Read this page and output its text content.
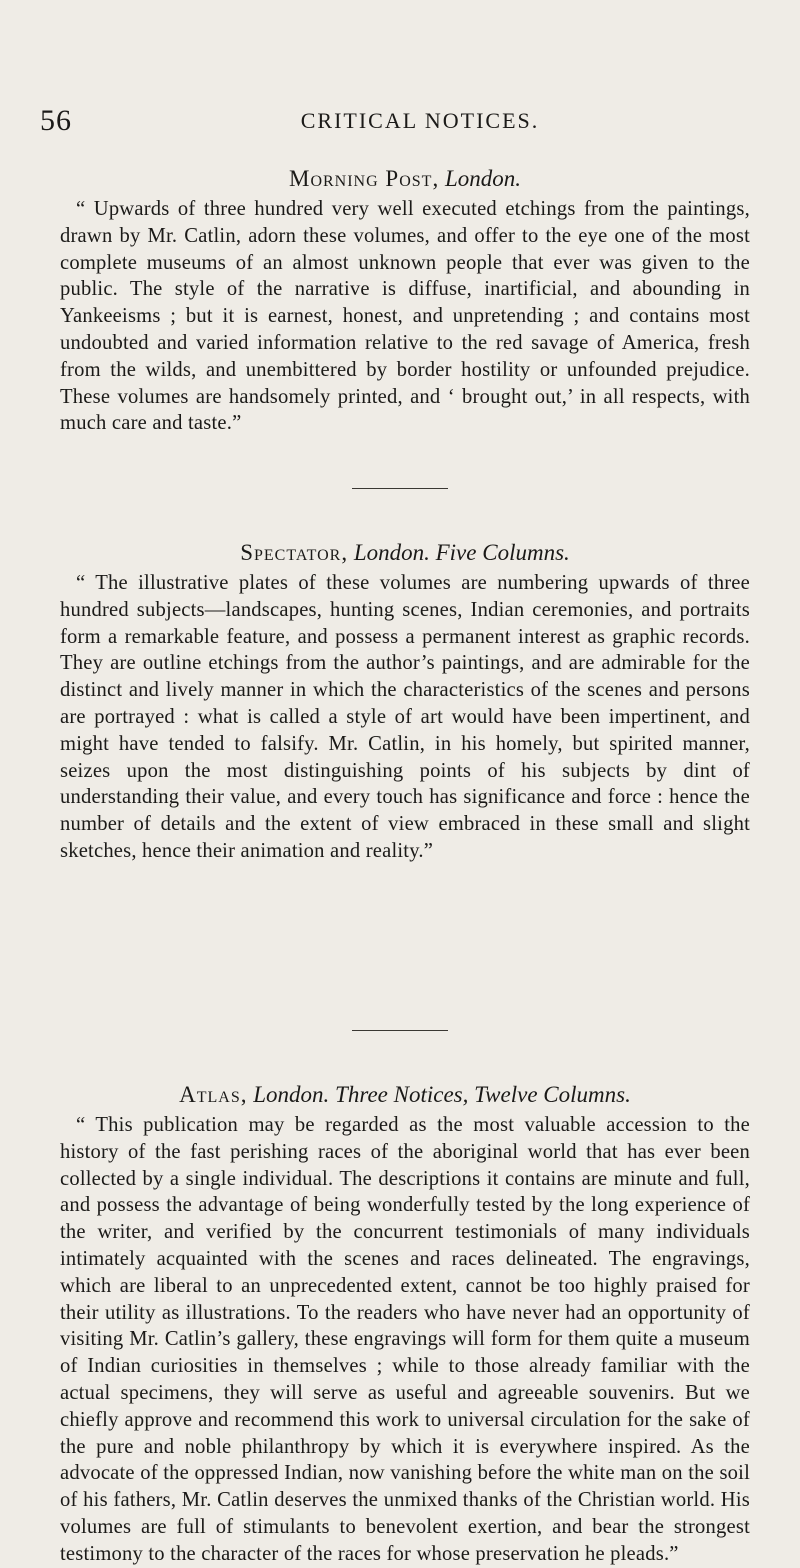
56	CRITICAL NOTICES.

Morning Post, London.

“ Upwards of three hundred very well executed etchings from the paintings, drawn by Mr. Catlin, adorn these volumes, and offer to the eye one of the most complete museums of an almost unknown people that ever was given to the public. The style of the narrative is diffuse, inartificial, and abounding in Yankeeisms ; but it is earnest, honest, and unpretending ; and contains most undoubted and varied information relative to the red savage of America, fresh from the wilds, and unembittered by border hostility or unfounded prejudice. These volumes are handsomely printed, and ‘ brought out,’ in all respects, with much care and taste.”

Spectator, London. Five Columns.

“ The illustrative plates of these volumes are numbering upwards of three hundred subjects—landscapes, hunting scenes, Indian ceremonies, and portraits form a remarkable feature, and possess a permanent interest as graphic records. They are outline etchings from the author’s paintings, and are admirable for the distinct and lively manner in which the characteristics of the scenes and persons are portrayed : what is called a style of art would have been impertinent, and might have tended to falsify. Mr. Catlin, in his homely, but spirited manner, seizes upon the most distinguishing points of his subjects by dint of understanding their value, and every touch has significance and force : hence the number of details and the extent of view embraced in these small and slight sketches, hence their animation and reality.”

Atlas, London. Three Notices, Twelve Columns.

“ This publication may be regarded as the most valuable accession to the history of the fast perishing races of the aboriginal world that has ever been collected by a single individual. The descriptions it contains are minute and full, and possess the advantage of being wonderfully tested by the long experience of the writer, and verified by the concurrent testimonials of many individuals intimately acquainted with the scenes and races delineated. The engravings, which are liberal to an unprecedented extent, cannot be too highly praised for their utility as illustrations. To the readers who have never had an opportunity of visiting Mr. Catlin’s gallery, these engravings will form for them quite a museum of Indian curiosities in themselves ; while to those already familiar with the actual specimens, they will serve as useful and agreeable souvenirs. But we chiefly approve and recommend this work to universal circulation for the sake of the pure and noble philanthropy by which it is everywhere inspired. As the advocate of the oppressed Indian, now vanishing before the white man on the soil of his fathers, Mr. Catlin deserves the unmixed thanks of the Christian world. His volumes are full of stimulants to benevolent exertion, and bear the strongest testimony to the character of the races for whose preservation he pleads.”
